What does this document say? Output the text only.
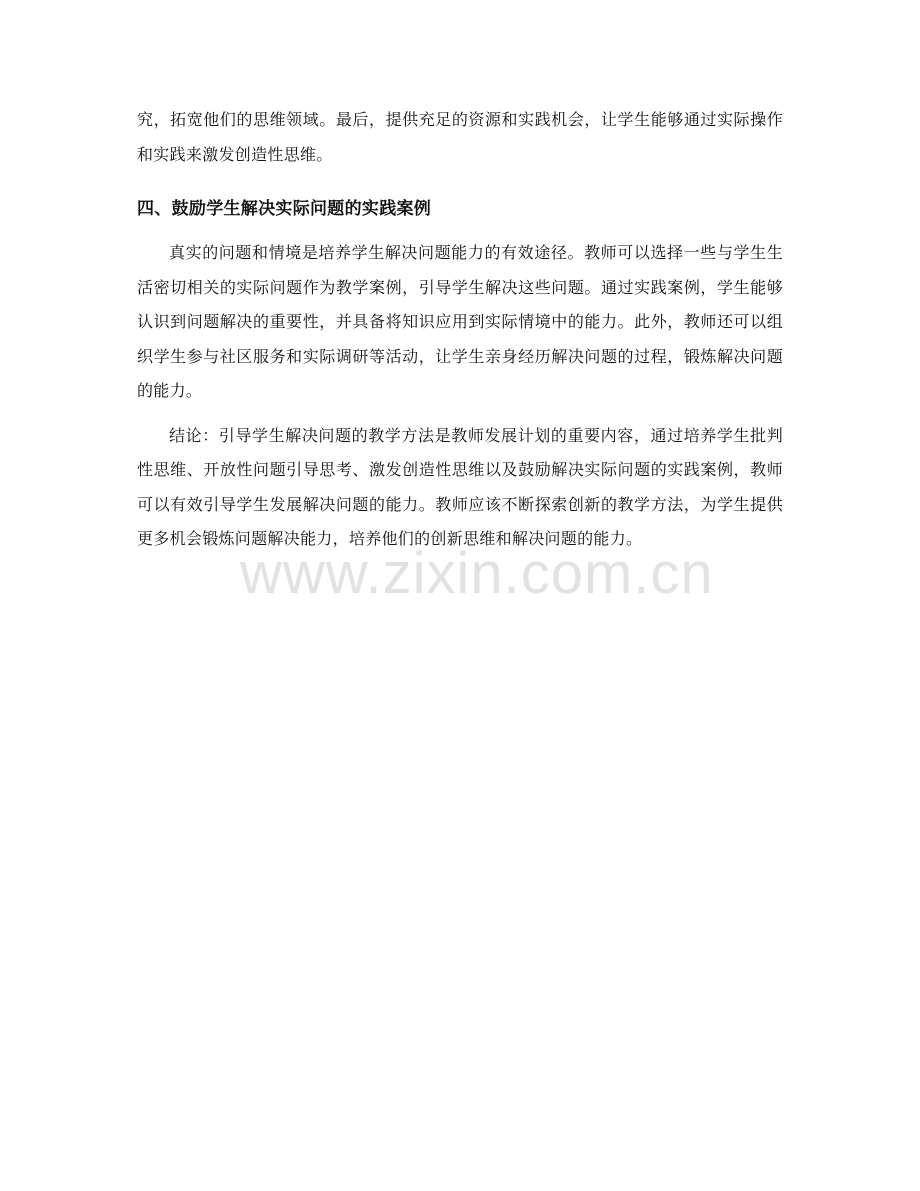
究，拓宽他们的思维领域。最后，提供充足的资源和实践机会，让学生能够通过实际操作和实践来激发创造性思维。

四、鼓励学生解决实际问题的实践案例

真实的问题和情境是培养学生解决问题能力的有效途径。教师可以选择一些与学生生活密切相关的实际问题作为教学案例，引导学生解决这些问题。通过实践案例，学生能够认识到问题解决的重要性，并具备将知识应用到实际情境中的能力。此外，教师还可以组织学生参与社区服务和实际调研等活动，让学生亲身经历解决问题的过程，锻炼解决问题的能力。

结论：引导学生解决问题的教学方法是教师发展计划的重要内容，通过培养学生批判性思维、开放性问题引导思考、激发创造性思维以及鼓励解决实际问题的实践案例，教师可以有效引导学生发展解决问题的能力。教师应该不断探索创新的教学方法，为学生提供更多机会锻炼问题解决能力，培养他们的创新思维和解决问题的能力。

www.zixin.com.cn
